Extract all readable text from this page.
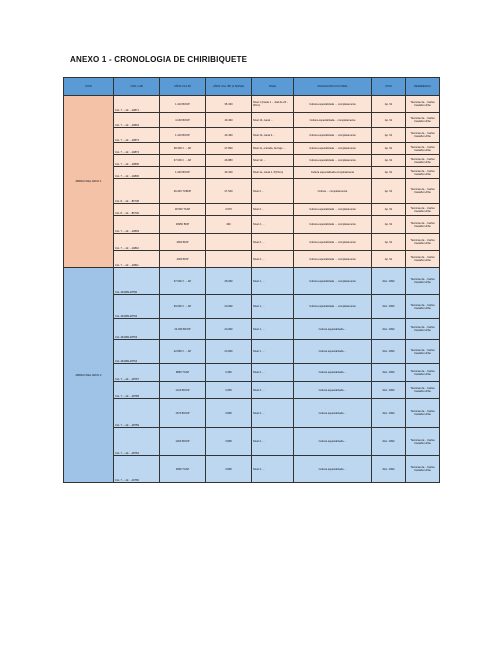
ANEXO 1 - CRONOLOGIA DE CHIRIBIQUETE
SITIO	COD. LAB	AÑOS C14 AP	AÑOS CAL. BP (2 SIGMA)	NIVEL	ASOCIACION CULTURAL	SITIO	REFERENCIA
ABRIGO DEL ARCO 1	Col- 7…-12…-19871	1.410 BOOP	35-330	Nivel 1 (hasta 1 ... dad de 20 - 30cm)	Cultura especializada … completamente	Ap. 61	Técnicas de... Carlos Castaño-Uribe
	Col- 7…-12…-19804	4.160 BOOP	40-490	Nivel 1b, canal ...	Cultura especializada… completamente	Ap. 61	Técnicas de... Carlos Castaño-Uribe
	Col- 7…-12…-19873	1.410 BOOP	43-490	Nivel 1b, canal 2...	Cultura especializada … completamente	Ap. 61	Técnicas de... Carlos Castaño-Uribe
	Col- 7…-12…-19874	38.300 ± … AP	27-890	Nivel 1c, entrada, de bajo ...	Cultura especializada … completamente	Ap. 61	Técnicas de... Carlos Castaño-Uribe
	Col- 7…-12…-19805	37.000 ± … AP	29-880	Nivel 1d, ...	Cultura especializada … completamente	Ap. 61	Técnicas de... Carlos Castaño-Uribe
	Col- 7…-12…-19806	1.340 BOOP	30-330	Nivel 1e, canal 1, 5(70cm)	Cultura especializada completamente	Ap. 61	Técnicas de... Carlos Castaño-Uribe
	Col- 8…-12…-86738	29.200 TCBOP	27-540	Nivel 2 ...	Cultura ... completamente	Ap. 61	Técnicas de... Carlos Castaño-Uribe
	Col- 8…-12…-86736	18.500 TCAP	3.970	Nivel 2 ...	Cultura especializada … completamente	Ap. 61	Técnicas de... Carlos Castaño-Uribe
	Col- 7…-12…-19809	29950 BOP	490	Nivel 2, ...	Cultura especializada … completamente	Ap. 61	Técnicas de... Carlos Castaño-Uribe
	Col- 7…-12…-19810	4660 BOP		Nivel 2, ...	Cultura especializada … completamente	Ap. 61	Técnicas de... Carlos Castaño-Uribe
	Col- 7…-12…-19811	4060 BOP		Nivel 2, ...	Cultura especializada … completamente	Ap. 61	Técnicas de... Carlos Castaño-Uribe
ABRIGO DEL ARCO 2	Col- 491189-18750	37.000 ± … AP	25,390	Nivel 1, ...	Cultura especializada … completamente	Rec. 1990	Técnicas de... Carlos Castaño-Uribe
	Col- 491189-18752	39.000 ± … AP	24,990	Nivel 1, ...	Cultura especializada … completamente	Rec. 1990	Técnicas de... Carlos Castaño-Uribe
	Col- 491189-18753	24.360 BOOP	24,990	Nivel 1, ...	Cultura especializada ...	Rec. 1990	Técnicas de... Carlos Castaño-Uribe
	Col- 491189-18754	22.860 ± … AP	24,990	Nivel 1, ...	Cultura especializada ...	Rec. 1990	Técnicas de... Carlos Castaño-Uribe
	Col- 7…-12…-18757	9860 TCAP	3,450	Nivel 2, ...	Cultura especializada ...	Rec. 1990	Técnicas de... Carlos Castaño-Uribe
	Col- 7…-12…-18758	1410 BOOP	3,350	Nivel 2, ...	Cultura especializada ...	Rec. 1990	Técnicas de... Carlos Castaño-Uribe
	Col- 7…-12…-18759	1670 BOOP	3,890	Nivel 2, ...	Cultura especializada ...	Rec. 1990	Técnicas de... Carlos Castaño-Uribe
	Col- 7…-12…-18752	1403 BOOP	3,890	Nivel 2, ...	Cultura especializada ...	Rec. 1990	Técnicas de... Carlos Castaño-Uribe
	Col- 7…-12…-19760	3930 TCAP	3,890	Nivel 2, ...	Cultura especializada ...	Rec. 1990	Técnicas de... Carlos Castaño-Uribe
